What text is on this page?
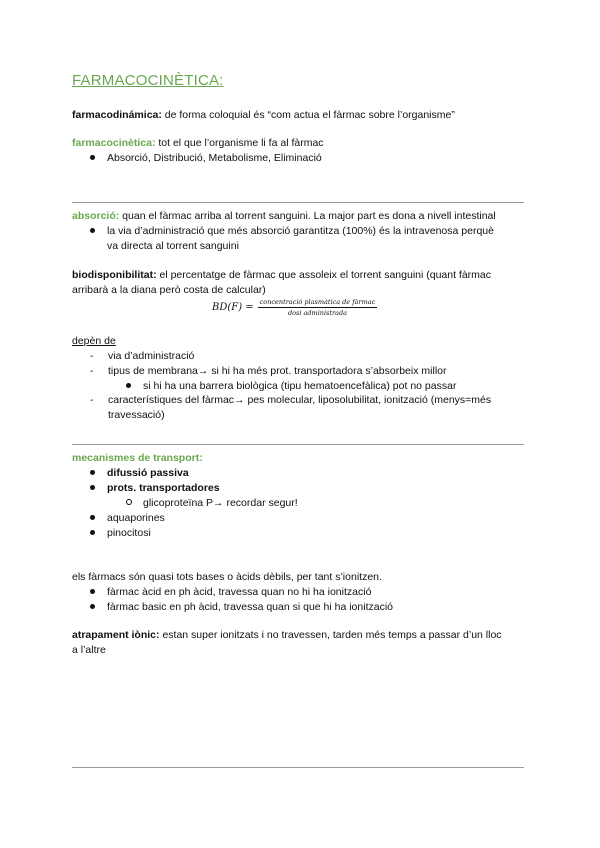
FARMACOCINÈTICA:
farmacodinámica: de forma coloquial és “com actua el fàrmac sobre l’organisme”
farmacocinètica: tot el que l’organisme li fa al fàrmac
Absorció, Distribució, Metabolisme, Eliminació
absorció: quan el fàrmac arriba al torrent sanguini. La major part es dona a nivell intestinal
la via d’administració que més absorció garantitza (100%) és la intravenosa perquè
va directa al torrent sanguini
biodisponibilitat: el percentatge de fàrmac que assoleix el torrent sanguini (quant fàrmac
arribarà a la diana però costa de calcular)
$BD(F) = \frac{\text{concentració plasmàtica de fàrmac}}{\text{dosi administrada}}$
depèn de
- via d’administració
- tipus de membrana→ si hi ha més prot. transportadora s’absorbeix millor
si hi ha una barrera biològica (tipu hematoencefàlica) pot no passar
- característiques del fàrmac→ pes molecular, liposolubilitat, ionització (menys=més
travessació)
mecanismes de transport:
difussió passiva
prots. transportadores
glicoproteïna P→ recordar segur!
aquaporines
pinocitosi
els fàrmacs són quasi tots bases o àcids dèbils, per tant s’ionitzen.
fàrmac àcid en ph àcid, travessa quan no hi ha ionització
fàrmac basic en ph àcid, travessa quan si que hi ha ionització
atrapament iònic: estan super ionitzats i no travessen, tarden més temps a passar d’un lloc
a l’altre
